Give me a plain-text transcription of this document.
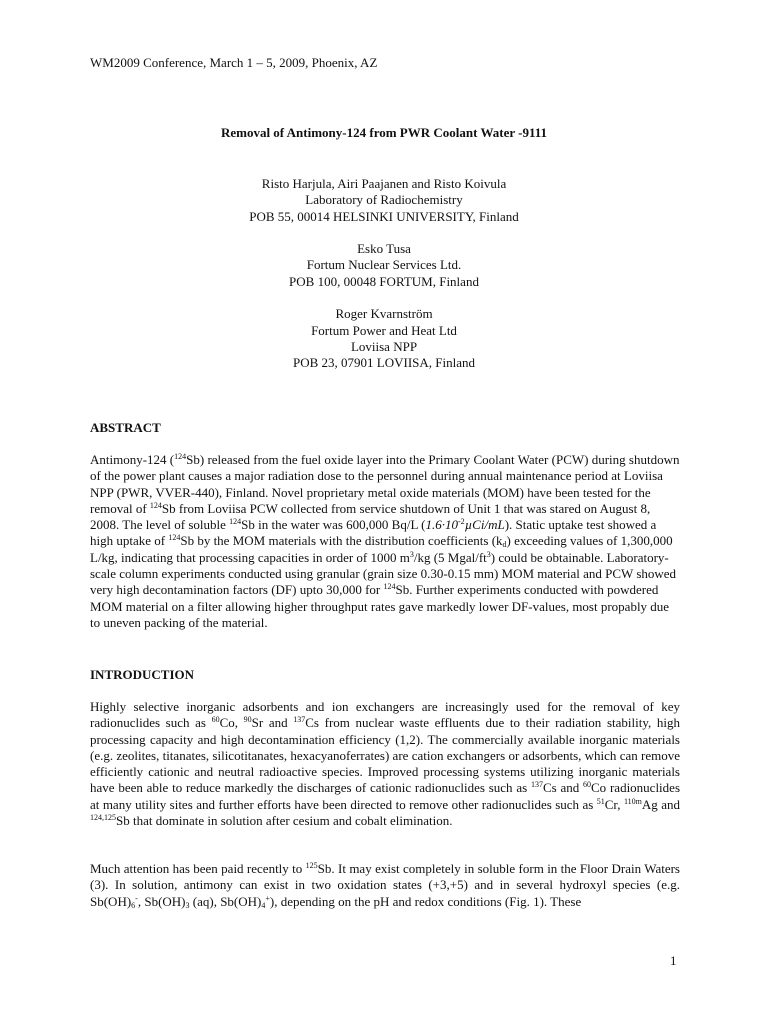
WM2009 Conference, March 1 – 5, 2009, Phoenix, AZ
Removal of Antimony-124 from PWR Coolant Water -9111
Risto Harjula, Airi Paajanen and Risto Koivula
Laboratory of Radiochemistry
POB 55, 00014 HELSINKI UNIVERSITY, Finland
Esko Tusa
Fortum Nuclear Services Ltd.
POB 100, 00048 FORTUM, Finland
Roger Kvarnström
Fortum Power and Heat Ltd
Loviisa NPP
POB 23, 07901 LOVIISA, Finland
ABSTRACT
Antimony-124 ($^{124}$Sb) released from the fuel oxide layer into the Primary Coolant Water (PCW) during shutdown of the power plant causes a major radiation dose to the personnel during annual maintenance period at Loviisa NPP (PWR, VVER-440), Finland. Novel proprietary metal oxide materials (MOM) have been tested for the removal of $^{124}$Sb from Loviisa PCW collected from service shutdown of Unit 1 that was stared on August 8, 2008. The level of soluble $^{124}$Sb in the water was 600,000 Bq/L $(1.6\cdot 10^{-2}\mu Ci/mL)$. Static uptake test showed a high uptake of $^{124}$Sb by the MOM materials with the distribution coefficients $(k_d)$ exceeding values of 1,300,000 L/kg, indicating that processing capacities in order of 1000 $m^3/kg$ (5 Mgal/$ft^3$) could be obtainable. Laboratory-scale column experiments conducted using granular (grain size 0.30-0.15 mm) MOM material and PCW showed very high decontamination factors (DF) upto 30,000 for $^{124}$Sb. Further experiments conducted with powdered MOM material on a filter allowing higher throughput rates gave markedly lower DF-values, most propably due to uneven packing of the material.
INTRODUCTION
Highly selective inorganic adsorbents and ion exchangers are increasingly used for the removal of key radionuclides such as $^{60}$Co, $^{90}$Sr and $^{137}$Cs from nuclear waste effluents due to their radiation stability, high processing capacity and high decontamination efficiency (1,2). The commercially available inorganic materials (e.g. zeolites, titanates, silicotitanates, hexacyanoferrates) are cation exchangers or adsorbents, which can remove efficiently cationic and neutral radioactive species. Improved processing systems utilizing inorganic materials have been able to reduce markedly the discharges of cationic radionuclides such as $^{137}$Cs and $^{60}$Co radionuclides at many utility sites and further efforts have been directed to remove other radionuclides such as $^{51}$Cr, $^{110m}$Ag and $^{124,125}$Sb that dominate in solution after cesium and cobalt elimination.
Much attention has been paid recently to $^{125}$Sb. It may exist completely in soluble form in the Floor Drain Waters (3). In solution, antimony can exist in two oxidation states (+3,+5) and in several hydroxyl species (e.g. $Sb(OH)_6^-$, $Sb(OH)_3$ (aq), $Sb(OH)_4^+$), depending on the pH and redox conditions (Fig. 1). These
1
